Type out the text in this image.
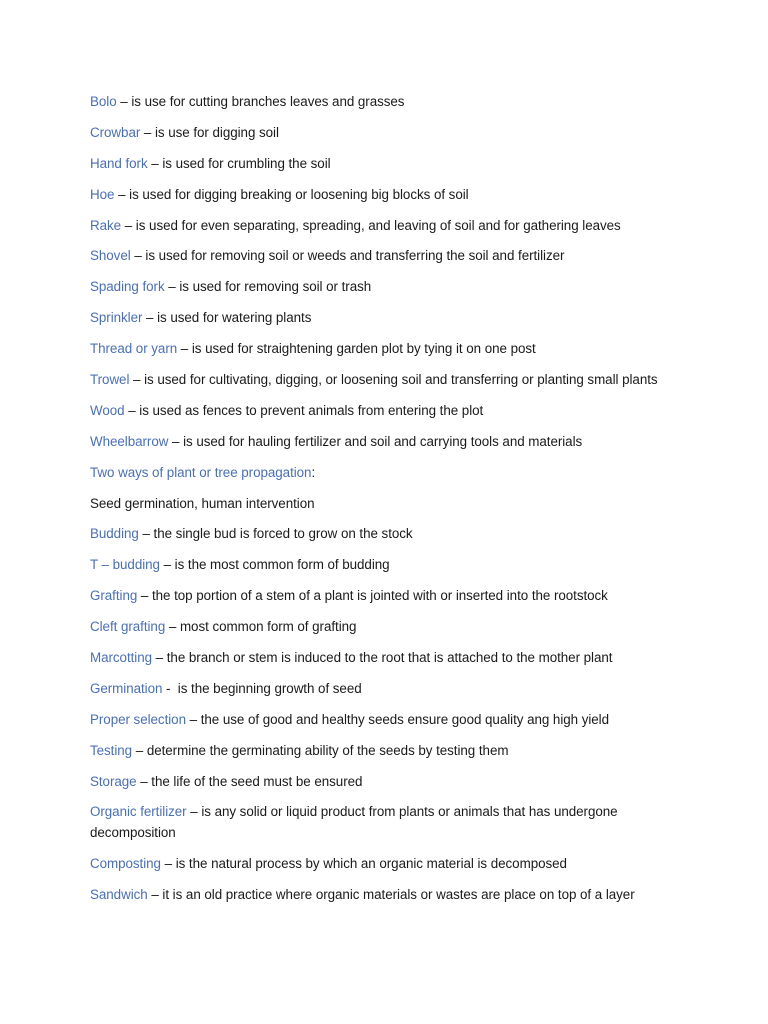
Bolo – is use for cutting branches leaves and grasses

Crowbar – is use for digging soil

Hand fork – is used for crumbling the soil

Hoe – is used for digging breaking or loosening big blocks of soil

Rake – is used for even separating, spreading, and leaving of soil and for gathering leaves

Shovel – is used for removing soil or weeds and transferring the soil and fertilizer

Spading fork – is used for removing soil or trash

Sprinkler – is used for watering plants

Thread or yarn – is used for straightening garden plot by tying it on one post

Trowel – is used for cultivating, digging, or loosening soil and transferring or planting small plants

Wood – is used as fences to prevent animals from entering the plot

Wheelbarrow – is used for hauling fertilizer and soil and carrying tools and materials

Two ways of plant or tree propagation:

Seed germination, human intervention

Budding – the single bud is forced to grow on the stock

T – budding – is the most common form of budding

Grafting – the top portion of a stem of a plant is jointed with or inserted into the rootstock

Cleft grafting – most common form of grafting

Marcotting – the branch or stem is induced to the root that is attached to the mother plant

Germination -  is the beginning growth of seed

Proper selection – the use of good and healthy seeds ensure good quality ang high yield

Testing – determine the germinating ability of the seeds by testing them

Storage – the life of the seed must be ensured

Organic fertilizer – is any solid or liquid product from plants or animals that has undergone decomposition

Composting – is the natural process by which an organic material is decomposed

Sandwich – it is an old practice where organic materials or wastes are place on top of a layer
